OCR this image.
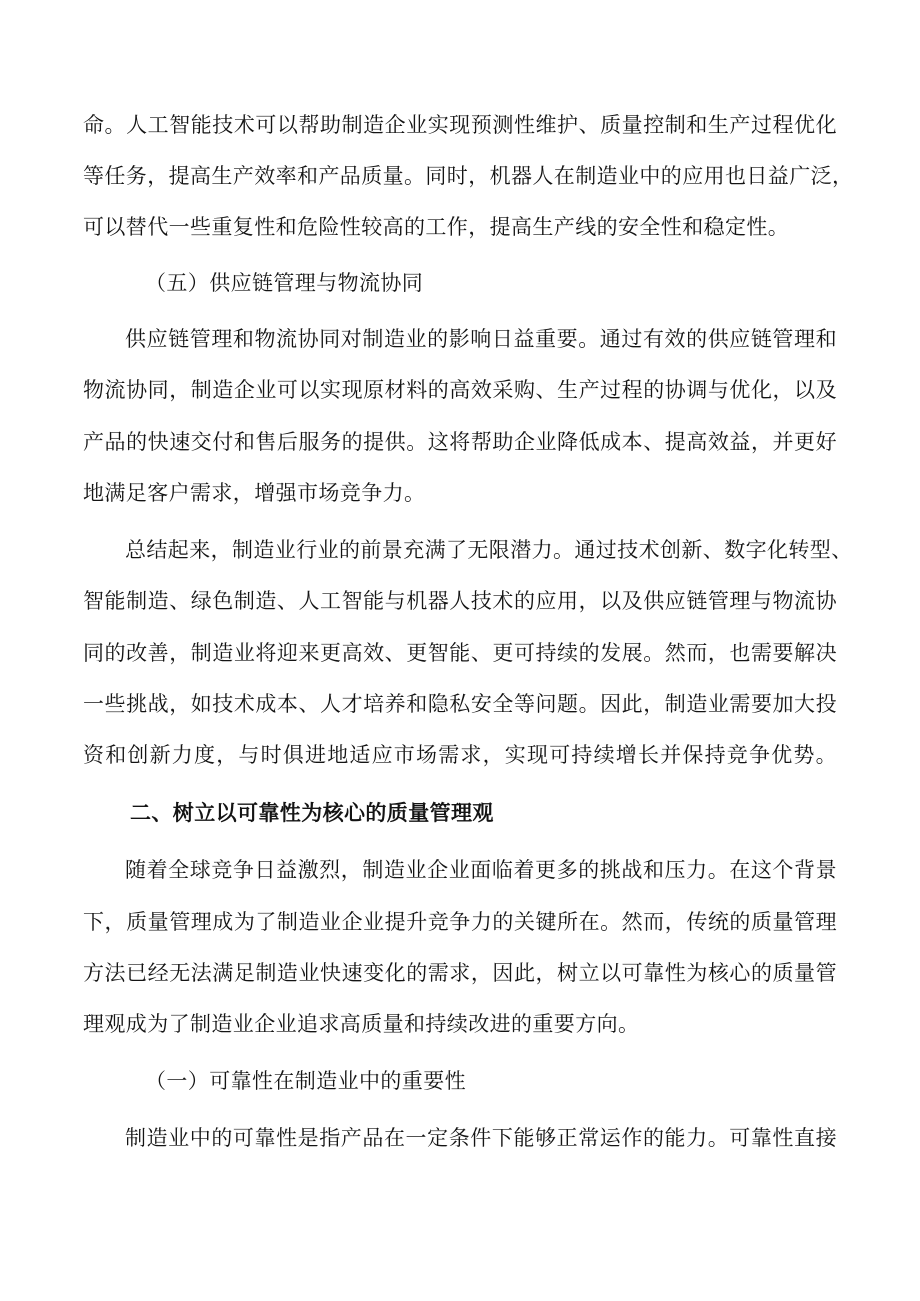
命。人工智能技术可以帮助制造企业实现预测性维护、质量控制和生产过程优化
等任务，提高生产效率和产品质量。同时，机器人在制造业中的应用也日益广泛，
可以替代一些重复性和危险性较高的工作，提高生产线的安全性和稳定性。
（五）供应链管理与物流协同
供应链管理和物流协同对制造业的影响日益重要。通过有效的供应链管理和
物流协同，制造企业可以实现原材料的高效采购、生产过程的协调与优化，以及
产品的快速交付和售后服务的提供。这将帮助企业降低成本、提高效益，并更好
地满足客户需求，增强市场竞争力。
总结起来，制造业行业的前景充满了无限潜力。通过技术创新、数字化转型、
智能制造、绿色制造、人工智能与机器人技术的应用，以及供应链管理与物流协
同的改善，制造业将迎来更高效、更智能、更可持续的发展。然而，也需要解决
一些挑战，如技术成本、人才培养和隐私安全等问题。因此，制造业需要加大投
资和创新力度，与时俱进地适应市场需求，实现可持续增长并保持竞争优势。
二、树立以可靠性为核心的质量管理观
随着全球竞争日益激烈，制造业企业面临着更多的挑战和压力。在这个背景
下，质量管理成为了制造业企业提升竞争力的关键所在。然而，传统的质量管理
方法已经无法满足制造业快速变化的需求，因此，树立以可靠性为核心的质量管
理观成为了制造业企业追求高质量和持续改进的重要方向。
（一）可靠性在制造业中的重要性
制造业中的可靠性是指产品在一定条件下能够正常运作的能力。可靠性直接
